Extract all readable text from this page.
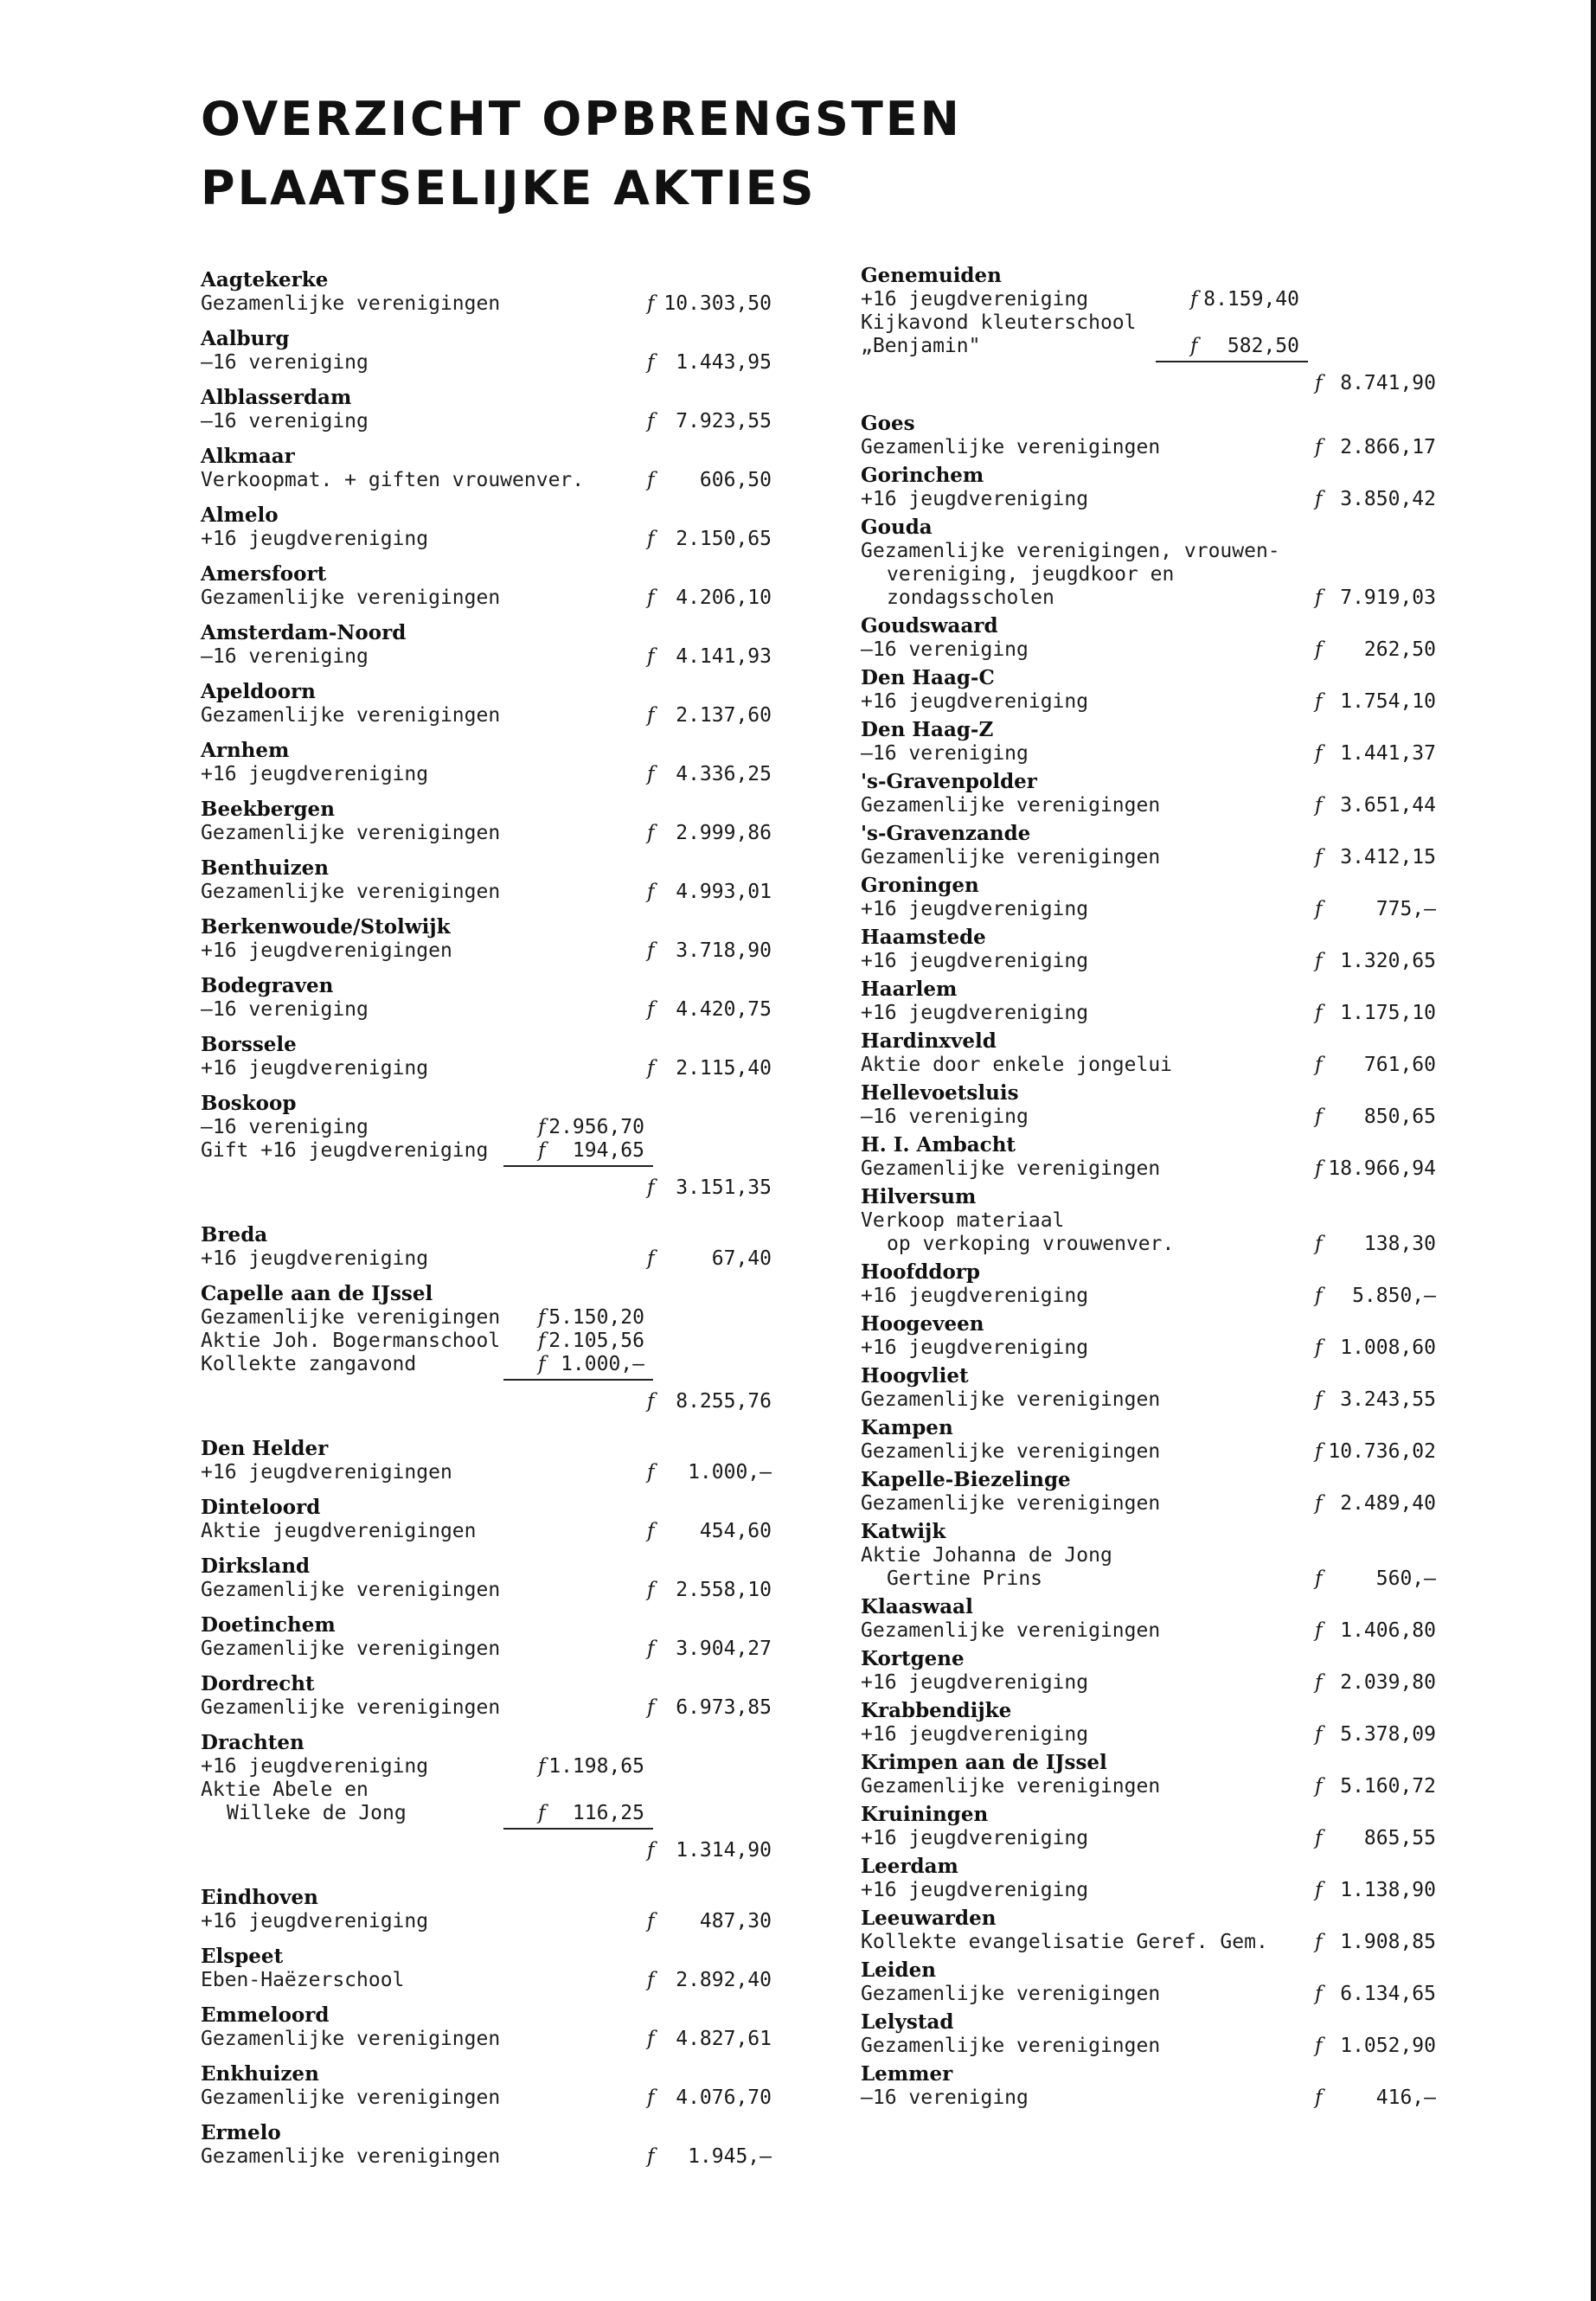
OVERZICHT OPBRENGSTEN
PLAATSELIJKE AKTIES
Aagtekerke
Gezamenlijke verenigingen	f 10.303,50
Aalburg
—16 vereniging	f 1.443,95
Alblasserdam
—16 vereniging	f 7.923,55
Alkmaar
Verkoopmat. + giften vrouwenver.	f 606,50
Almelo
+16 jeugdvereniging	f 2.150,65
Amersfoort
Gezamenlijke verenigingen	f 4.206,10
Amsterdam-Noord
—16 vereniging	f 4.141,93
Apeldoorn
Gezamenlijke verenigingen	f 2.137,60
Arnhem
+16 jeugdvereniging	f 4.336,25
Beekbergen
Gezamenlijke verenigingen	f 2.999,86
Benthuizen
Gezamenlijke verenigingen	f 4.993,01
Berkenwoude/Stolwijk
+16 jeugdverenigingen	f 3.718,90
Bodegraven
—16 vereniging	f 4.420,75
Borssele
+16 jeugdvereniging	f 2.115,40
Boskoop
—16 vereniging	f 2.956,70
Gift +16 jeugdvereniging	f 194,65
f 3.151,35
Breda
+16 jeugdvereniging	f	67,40
Capelle aan de IJssel
Gezamenlijke verenigingen f 5.150,20
Aktie Joh. Bogermanschool f 2.105,56
Kollekte zangavond	f 1.000,—
f 8.255,76
Den Helder
+16 jeugdverenigingen	f 1.000,—
Dinteloord
Aktie jeugdverenigingen	f 454,60
Dirksland
Gezamenlijke verenigingen	f 2.558,10
Doetinchem
Gezamenlijke verenigingen	f 3.904,27
Dordrecht
Gezamenlijke verenigingen	f 6.973,85
Drachten
+16 jeugdvereniging	f 1.198,65
Aktie Abele en
Willeke de Jong	f 116,25
f 1.314,90
Eindhoven
+16 jeugdvereniging	f 487,30
Elspeet
Eben-Haëzerschool	f 2.892,40
Emmeloord
Gezamenlijke verenigingen	f 4.827,61
Enkhuizen
Gezamenlijke verenigingen	f 4.076,70
Ermelo
Gezamenlijke verenigingen	f 1.945,—
Genemuiden
+16 jeugdvereniging	f 8.159,40
Kijkavond kleuterschool
„Benjamin"	f 582,50
f 8.741,90
Goes
Gezamenlijke verenigingen	f 2.866,17
Gorinchem
+16 jeugdvereniging	f 3.850,42
Gouda
Gezamenlijke verenigingen, vrouwen-
vereniging, jeugdkoor en
zondagsscholen	f 7.919,03
Goudswaard
—16 vereniging	f 262,50
Den Haag-C
+16 jeugdvereniging	f 1.754,10
Den Haag-Z
—16 vereniging	f 1.441,37
's-Gravenpolder
Gezamenlijke verenigingen	f 3.651,44
's-Gravenzande
Gezamenlijke verenigingen	f 3.412,15
Groningen
+16 jeugdvereniging	f	775,—
Haamstede
+16 jeugdvereniging	f 1.320,65
Haarlem
+16 jeugdvereniging	f 1.175,10
Hardinxveld
Aktie door enkele jongelui	f 761,60
Hellevoetsluis
—16 vereniging	f 850,65
H. I. Ambacht
Gezamenlijke verenigingen	f 18.966,94
Hilversum
Verkoop materiaal
op verkoping vrouwenver.	f 138,30
Hoofddorp
+16 jeugdvereniging	f 5.850,—
Hoogeveen
+16 jeugdvereniging	f 1.008,60
Hoogvliet
Gezamenlijke verenigingen	f 3.243,55
Kampen
Gezamenlijke verenigingen	f 10.736,02
Kapelle-Biezelinge
Gezamenlijke verenigingen	f 2.489,40
Katwijk
Aktie Johanna de Jong
Gertine Prins	f	560,—
Klaaswaal
Gezamenlijke verenigingen	f 1.406,80
Kortgene
+16 jeugdvereniging	f 2.039,80
Krabbendijke
+16 jeugdvereniging	f 5.378,09
Krimpen aan de IJssel
Gezamenlijke verenigingen	f 5.160,72
Kruiningen
+16 jeugdvereniging	f 865,55
Leerdam
+16 jeugdvereniging	f 1.138,90
Leeuwarden
Kollekte evangelisatie Geref. Gem. f 1.908,85
Leiden
Gezamenlijke verenigingen	f 6.134,65
Lelystad
Gezamenlijke verenigingen	f 1.052,90
Lemmer
—16 vereniging	f	416,—
